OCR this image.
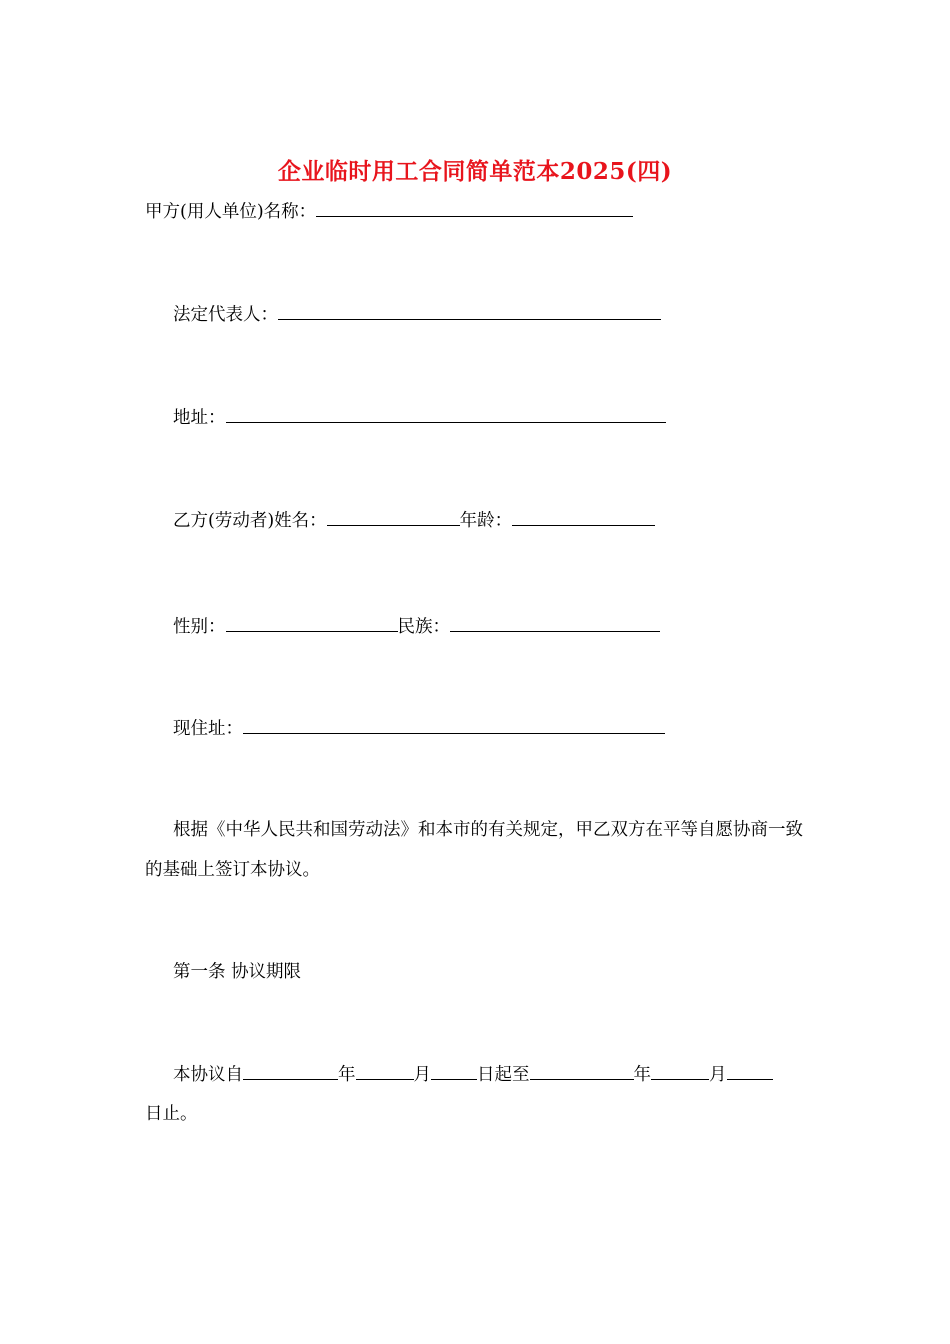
企业临时用工合同简单范本2025(四)
甲方(用人单位)名称：
法定代表人：
地址：
乙方(劳动者)姓名：	年龄：
性别：	民族：
现住址：
根据《中华人民共和国劳动法》和本市的有关规定，甲乙双方在平等自愿协商一致的基础上签订本协议。
第一条 协议期限
本协议自	年	月	日起至	年	月
日止。
